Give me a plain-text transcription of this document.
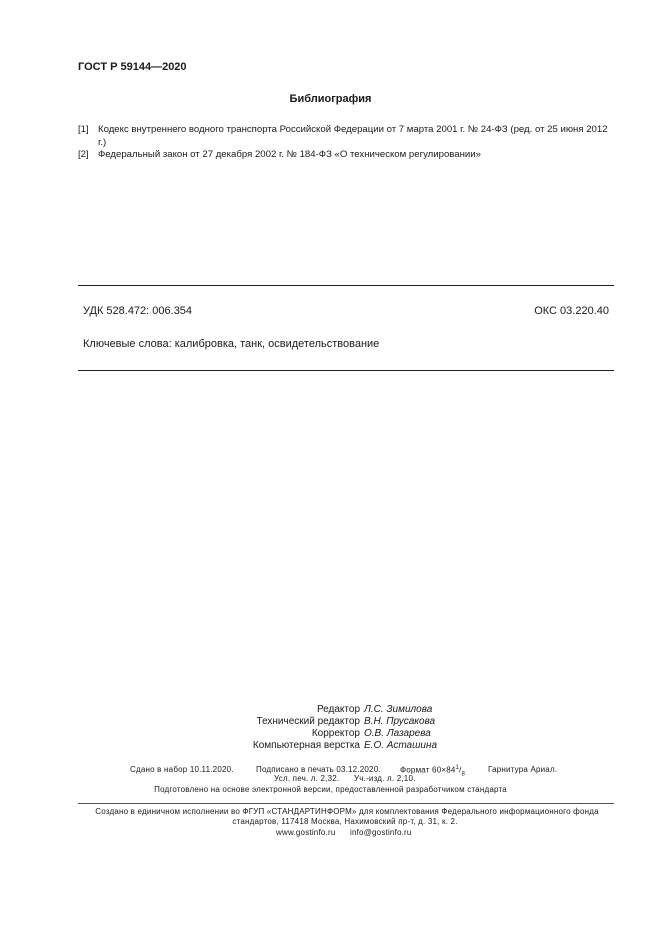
ГОСТ Р 59144—2020
Библиография
[1] Кодекс внутреннего водного транспорта Российской Федерации от 7 марта 2001 г. № 24-ФЗ (ред. от 25 июня 2012 г.)
[2] Федеральный закон от 27 декабря 2002 г. № 184-ФЗ «О техническом регулировании»
УДК 528.472: 006.354	ОКС 03.220.40
Ключевые слова: калибровка, танк, освидетельствование
Редактор Л.С. Зимилова
Технический редактор В.Н. Прусакова
Корректор О.В. Лазарева
Компьютерная верстка Е.О. Асташина
Сдано в набор 10.11.2020.	Подписано в печать 03.12.2020. Формат $60\times 84^1/_8$
Гарнитура Ариал.
Усл. печ. л. 2,32. Уч.-изд. л. 2,10.
Подготовлено на основе электронной версии, предоставленной разработчиком стандарта
Создано в единичном исполнении во ФГУП «СТАНДАРТИНФОРМ» для комплектования Федерального информационного фонда
стандартов, 117418 Москва, Нахимовский пр-т, д. 31, к. 2.
www.gostinfo.ru info@gostinfo.ru
